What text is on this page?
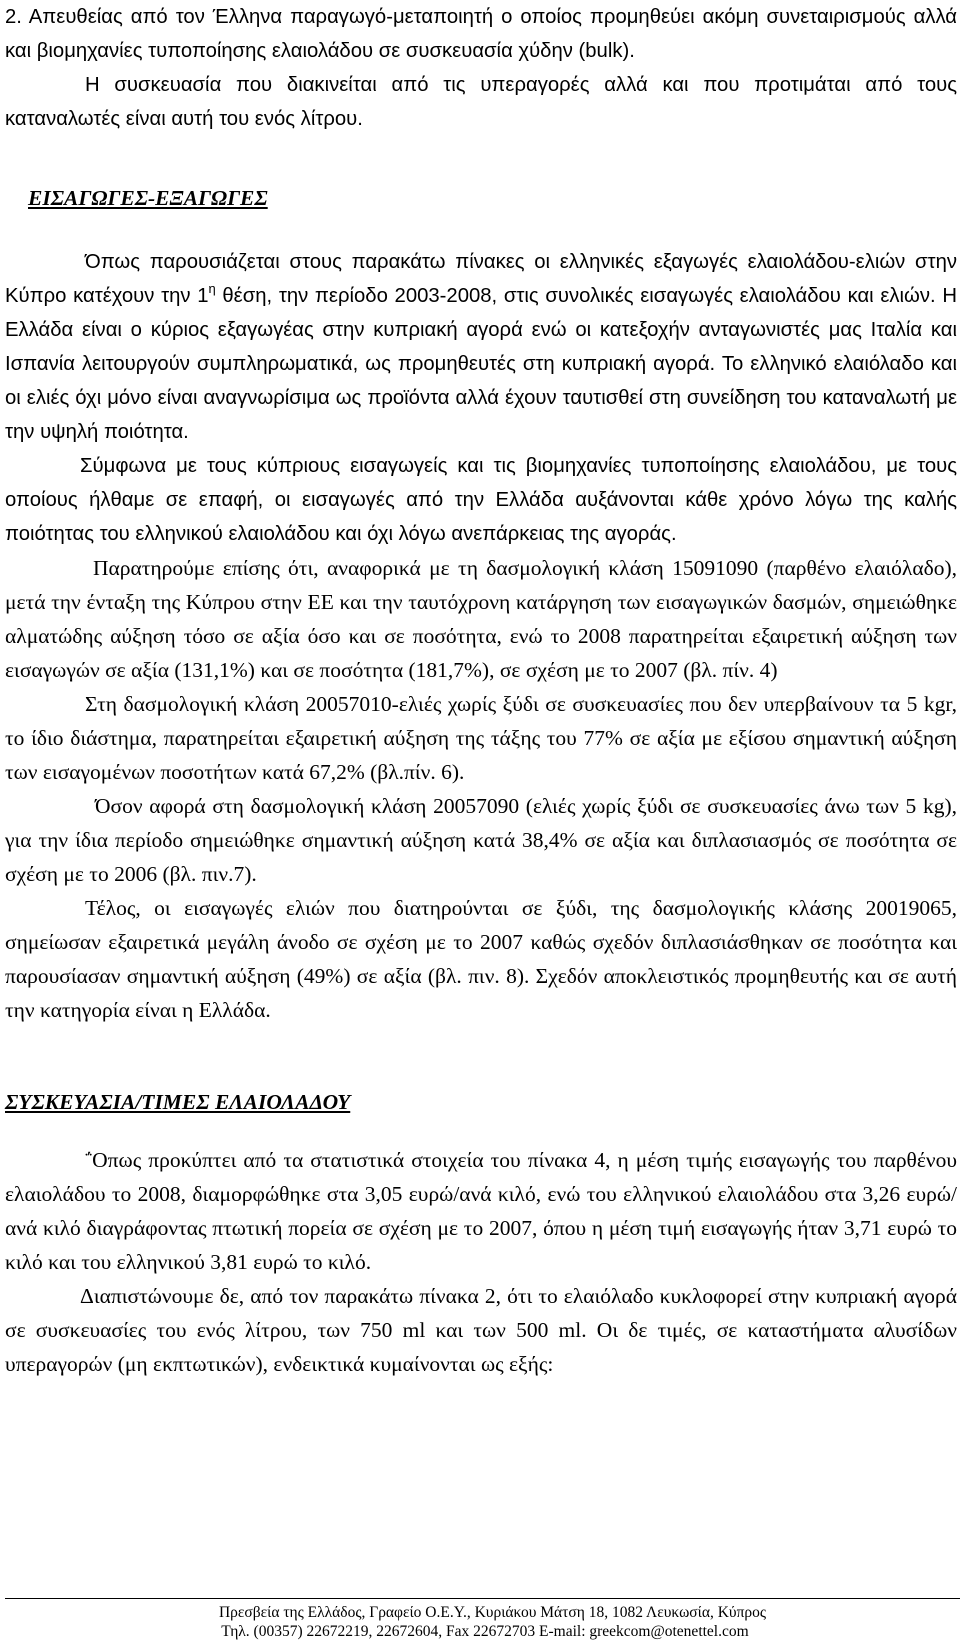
2. Απευθείας από τον Έλληνα παραγωγό-μεταποιητή ο οποίος προμηθεύει ακόμη συνεταιρισμούς αλλά και βιομηχανίες τυποποίησης ελαιολάδου σε συσκευασία χύδην (bulk).

Η συσκευασία που διακινείται από τις υπεραγορές αλλά και που προτιμάται από τους καταναλωτές είναι αυτή του ενός λίτρου.

ΕΙΣΑΓΩΓΕΣ-ΕΞΑΓΩΓΕΣ

Όπως παρουσιάζεται στους παρακάτω πίνακες οι ελληνικές εξαγωγές ελαιολάδου-ελιών στην Κύπρο κατέχουν την $1^\eta$ θέση, την περίοδο 2003-2008, στις συνολικές εισαγωγές ελαιολάδου και ελιών. Η Ελλάδα είναι ο κύριος εξαγωγέας στην κυπριακή αγορά ενώ οι κατεξοχήν ανταγωνιστές μας Ιταλία και Ισπανία λειτουργούν συμπληρωματικά, ως προμηθευτές στη κυπριακή αγορά. Το ελληνικό ελαιόλαδο και οι ελιές όχι μόνο είναι αναγνωρίσιμα ως προϊόντα αλλά έχουν ταυτισθεί στη συνείδηση του καταναλωτή με την υψηλή ποιότητα.

Σύμφωνα με τους κύπριους εισαγωγείς και τις βιομηχανίες τυποποίησης ελαιολάδου, με τους οποίους ήλθαμε σε επαφή, οι εισαγωγές από την Ελλάδα αυξάνονται κάθε χρόνο λόγω της καλής ποιότητας του ελληνικού ελαιολάδου και όχι λόγω ανεπάρκειας της αγοράς.

Παρατηρούμε επίσης ότι, αναφορικά με τη δασμολογική κλάση 15091090 (παρθένο ελαιόλαδο), μετά την ένταξη της Κύπρου στην ΕΕ και την ταυτόχρονη κατάργηση των εισαγωγικών δασμών, σημειώθηκε αλματώδης αύξηση τόσο σε αξία όσο και σε ποσότητα, ενώ το 2008 παρατηρείται εξαιρετική αύξηση των εισαγωγών σε αξία (131,1%) και σε ποσότητα (181,7%), σε σχέση με το 2007 (βλ. πίν. 4)

Στη δασμολογική κλάση 20057010-ελιές χωρίς ξύδι σε συσκευασίες που δεν υπερβαίνουν τα 5 kgr, το ίδιο διάστημα, παρατηρείται εξαιρετική αύξηση της τάξης του 77% σε αξία με εξίσου σημαντική αύξηση των εισαγομένων ποσοτήτων κατά 67,2% (βλ.πίν. 6).

Όσον αφορά στη δασμολογική κλάση 20057090 (ελιές χωρίς ξύδι σε συσκευασίες άνω των 5 kg), για την ίδια περίοδο σημειώθηκε σημαντική αύξηση κατά 38,4% σε αξία και διπλασιασμός σε ποσότητα σε σχέση με το 2006 (βλ. πιν.7).

Τέλος, οι εισαγωγές ελιών που διατηρούνται σε ξύδι, της δασμολογικής κλάσης 20019065, σημείωσαν εξαιρετικά μεγάλη άνοδο σε σχέση με το 2007 καθώς σχεδόν διπλασιάσθηκαν σε ποσότητα και παρουσίασαν σημαντική αύξηση (49%) σε αξία (βλ. πιν. 8). Σχεδόν αποκλειστικός προμηθευτής και σε αυτή την κατηγορία είναι η Ελλάδα.

ΣΥΣΚΕΥΑΣΙΑ/ΤΙΜΕΣ ΕΛΑΙΟΛΑΔΟΥ

΅Οπως προκύπτει από τα στατιστικά στοιχεία του πίνακα 4, η μέση τιμής εισαγωγής του παρθένου ελαιολάδου το 2008, διαμορφώθηκε στα 3,05 ευρώ/ανά κιλό, ενώ του ελληνικού ελαιολάδου στα 3,26 ευρώ/ανά κιλό διαγράφοντας πτωτική πορεία σε σχέση με το 2007, όπου η μέση τιμή εισαγωγής ήταν 3,71 ευρώ το κιλό και του ελληνικού 3,81 ευρώ το κιλό.

Διαπιστώνουμε δε, από τον παρακάτω πίνακα 2, ότι το ελαιόλαδο κυκλοφορεί στην κυπριακή αγορά σε συσκευασίες του ενός λίτρου, των 750 ml και των 500 ml. Οι δε τιμές, σε καταστήματα αλυσίδων υπεραγορών (μη εκπτωτικών), ενδεικτικά κυμαίνονται ως εξής:

Πρεσβεία της Ελλάδος, Γραφείο Ο.Ε.Υ., Κυριάκου Μάτση 18, 1082 Λευκωσία, Κύπρος
Τηλ. (00357) 22672219, 22672604, Fax 22672703 E-mail: greekcom@otenettel.com
